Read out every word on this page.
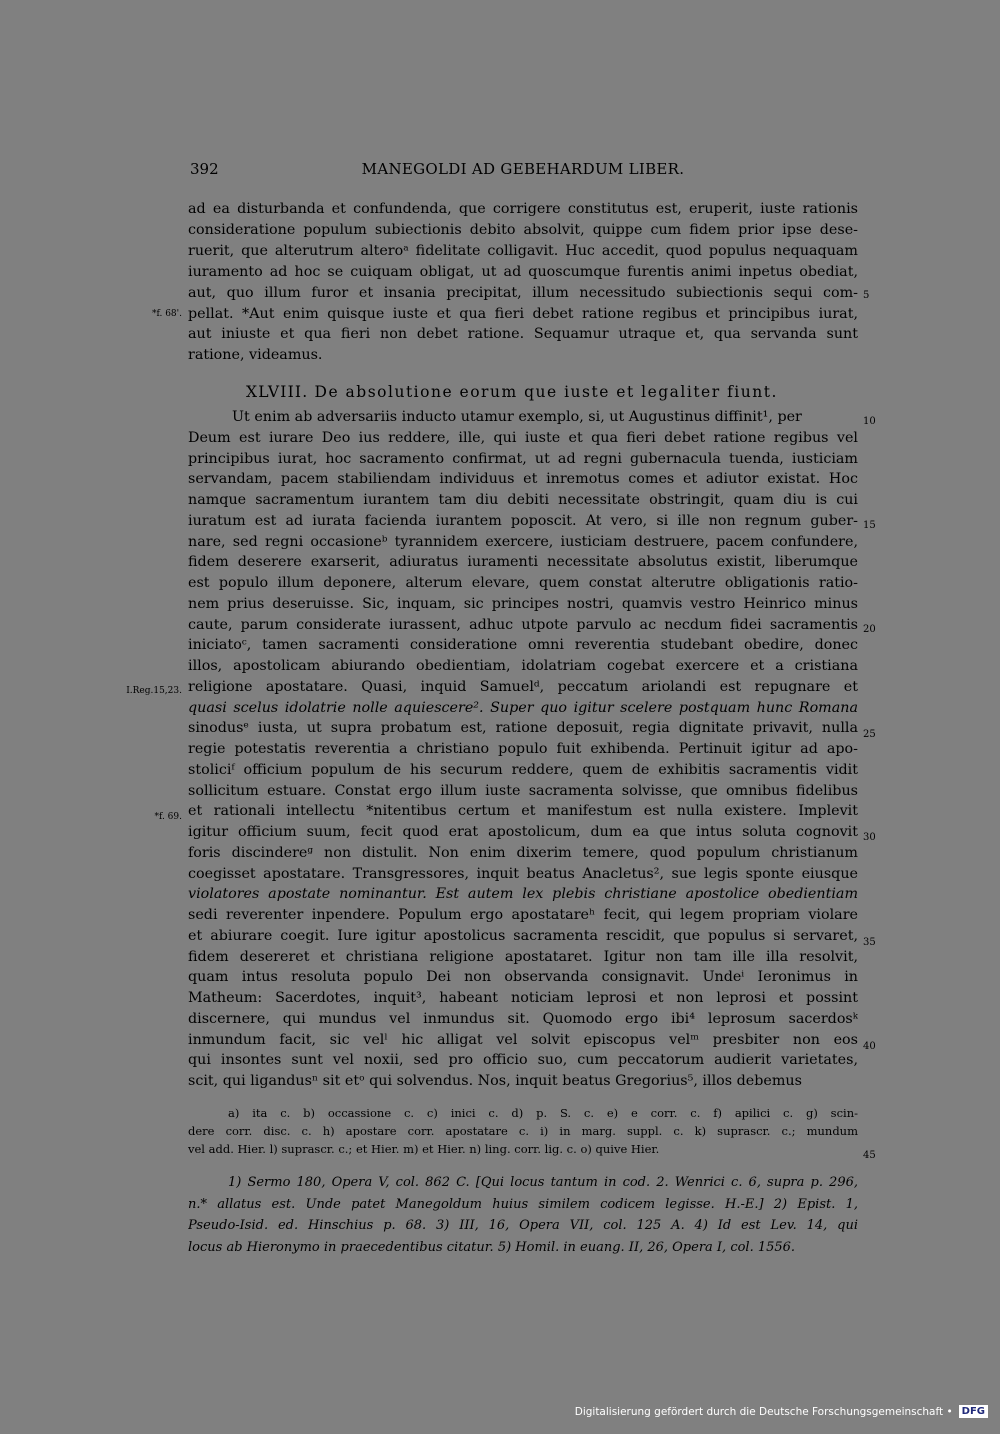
392	MANEGOLDI AD GEBEHARDUM LIBER.
ad ea disturbanda et confundenda, que corrigere constitutus est, eruperit, iuste rationis
consideratione populum subiectionis debito absolvit, quippe cum fidem prior ipse dese-
ruerit, que alterutrum alteroᵃ fidelitate colligavit. Huc accedit, quod populus nequaquam
iuramento ad hoc se cuiquam obligat, ut ad quoscumque furentis animi inpetus obediat,
aut, quo illum furor et insania precipitat, illum necessitudo subiectionis sequi com-
pellat. *Aut enim quisque iuste et qua fieri debet ratione regibus et principibus iurat,
aut iniuste et qua fieri non debet ratione. Sequamur utraque et, qua servanda sunt
ratione, videamus.
XLVIII. De absolutione eorum que iuste et legaliter fiunt.
Ut enim ab adversariis inducto utamur exemplo, si, ut Augustinus diffinit¹, per
Deum est iurare Deo ius reddere, ille, qui iuste et qua fieri debet ratione regibus vel
principibus iurat, hoc sacramento confirmat, ut ad regni gubernacula tuenda, iusticiam
servandam, pacem stabiliendam individuus et inremotus comes et adiutor existat. Hoc
namque sacramentum iurantem tam diu debiti necessitate obstringit, quam diu is cui
iuratum est ad iurata facienda iurantem poposcit. At vero, si ille non regnum guber-
nare, sed regni occasioneᵇ tyrannidem exercere, iusticiam destruere, pacem confundere,
fidem deserere exarserit, adiuratus iuramenti necessitate absolutus existit, liberumque
est populo illum deponere, alterum elevare, quem constat alterutre obligationis ratio-
nem prius deseruisse. Sic, inquam, sic principes nostri, quamvis vestro Heinrico minus
caute, parum considerate iurassent, adhuc utpote parvulo ac necdum fidei sacramentis
iniciatoᶜ, tamen sacramenti consideratione omni reverentia studebant obedire, donec
illos, apostolicam abiurando obedientiam, idolatriam cogebat exercere et a cristiana
religione apostatare. Quasi, inquid Samuelᵈ, peccatum ariolandi est repugnare et
quasi scelus idolatrie nolle aquiescere². Super quo igitur scelere postquam hunc Romana
sinodusᵉ iusta, ut supra probatum est, ratione deposuit, regia dignitate privavit, nulla
regie potestatis reverentia a christiano populo fuit exhibenda. Pertinuit igitur ad apo-
stoliciᶠ officium populum de his securum reddere, quem de exhibitis sacramentis vidit
sollicitum estuare. Constat ergo illum iuste sacramenta solvisse, que omnibus fidelibus
et rationali intellectu *nitentibus certum et manifestum est nulla existere. Implevit
igitur officium suum, fecit quod erat apostolicum, dum ea que intus soluta cognovit
foris discindereᵍ non distulit. Non enim dixerim temere, quod populum christianum
coegisset apostatare. Transgressores, inquit beatus Anacletus², sue legis sponte eiusque
violatores apostate nominantur. Est autem lex plebis christiane apostolice obedientiam
sedi reverenter inpendere. Populum ergo apostatareʰ fecit, qui legem propriam violare
et abiurare coegit. Iure igitur apostolicus sacramenta rescidit, que populus si servaret,
fidem desereret et christiana religione apostataret. Igitur non tam ille illa resolvit,
quam intus resoluta populo Dei non observanda consignavit. Undeⁱ Ieronimus in
Matheum: Sacerdotes, inquit³, habeant noticiam leprosi et non leprosi et possint
discernere, qui mundus vel inmundus sit. Quomodo ergo ibi⁴ leprosum sacerdosᵏ
inmundum facit, sic velˡ hic alligat vel solvit episcopus velᵐ presbiter non eos
qui insontes sunt vel noxii, sed pro officio suo, cum peccatorum audierit varietates,
scit, qui ligandusⁿ sit etᵒ qui solvendus. Nos, inquit beatus Gregorius⁵, illos debemus
5
10
15
20
25
30
35
40
45
*f. 68'.
I.Reg.15,23.
*f. 69.
a) ita c. b) occassione c. c) inici c. d) p. S. c. e) e corr. c. f) apilici c. g) scin-
dere corr. disc. c. h) apostare corr. apostatare c. i) in marg. suppl. c. k) suprascr. c.; mundum
vel add. Hier. l) suprascr. c.; et Hier. m) et Hier. n) ling. corr. lig. c. o) quive Hier.
1) Sermo 180, Opera V, col. 862 C. [Qui locus tantum in cod. 2. Wenrici c. 6, supra p. 296,
n.* allatus est. Unde patet Manegoldum huius similem codicem legisse. H.-E.] 2) Epist. 1,
Pseudo-Isid. ed. Hinschius p. 68. 3) III, 16, Opera VII, col. 125 A. 4) Id est Lev. 14, qui
locus ab Hieronymo in praecedentibus citatur. 5) Homil. in euang. II, 26, Opera I, col. 1556.
Digitalisierung gefördert durch die Deutsche Forschungsgemeinschaft • DFG
